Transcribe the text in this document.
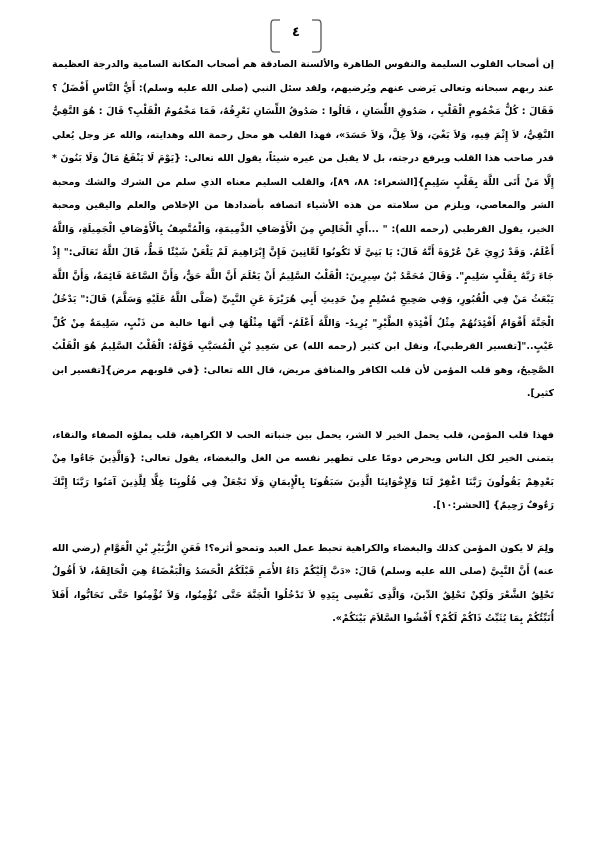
٤

إن أصحاب القلوب السليمة والنفوس الطاهرة والألسنة الصادقة هم أصحاب المكانة السامية والدرجة العظيمة عند ربهم سبحانه وتعالى يَرضى عنهم ويُرضيهم، ولقد سئل النبي (صلى الله عليه وسلم): أَيُّ النَّاسِ أَفْضَلُ ؟ فَقَالَ : كُلُّ مَخْمُومِ الْقَلْبِ ، صَدُوقِ اللِّسَانِ ، قَالُوا : صَدُوقُ اللِّسَانِ نَعْرِفُهُ، فَمَا مَخْمُومُ الْقَلْبِ؟ قَالَ : هُوَ التَّقِيُّ النَّقِيُّ، لاَ إِثْمَ فِيهِ، وَلاَ بَغْيَ، وَلاَ غِلَّ، وَلاَ حَسَدَ»، فهذا القلب هو محل رحمة الله وهدايته، والله عز وجل يُعلي قدر صاحب هذا القلب ويرفع درجته، بل لا يقبل من غيره شيئاً، يقول الله تعالى: {يَوْمَ لَا يَنْفَعُ مَالٌ وَلَا بَنُونَ * إِلَّا مَنْ أَتَى اللَّهَ بِقَلْبٍ سَلِيمٍ}[الشعراء: ٨٨، ٨٩]، والقلب السليم معناه الذي سلم من الشرك والشك ومحبة الشر والمعاصي، ويلزم من سلامته من هذه الأشياء اتصافه بأضدادها من الإخلاص والعلم واليقين ومحبة الخير، يقول القرطبي (رحمه الله): " ...أَيِ الْخَالِصِ مِنَ الْأَوْصَافِ الذَّمِيمَةِ، وَالْمُتَّصِفُ بِالْأَوْصَافِ الْجَمِيلَةِ، وَاللَّهُ أَعْلَمُ. وَقَدْ رُوِيَ عَنْ عُرْوَةَ أَنَّهُ قَالَ: يَا بَنِيَّ لَا تَكُونُوا لَعَّانِينَ فَإِنَّ إِبْرَاهِيمَ لَمْ يَلْعَنْ شَيْئًا قَطُّ، قَالَ اللَّهُ تَعَالَى:" إِذْ جَاءَ رَبَّهُ بِقَلْبٍ سَلِيمٍ". وَقَالَ مُحَمَّدُ بْنُ سِيرِينَ: الْقَلْبُ السَّلِيمُ أَنْ يَعْلَمَ أَنَّ اللَّهَ حَقٌّ، وَأَنَّ السَّاعَةَ قَائِمَةٌ، وَأَنَّ اللَّهَ يَبْعَثُ مَنْ فِي الْقُبُورِ، وَفِي صَحِيحِ مُسْلِمٍ مِنْ حَدِيثِ أَبِي هُرَيْرَةَ عَنِ النَّبِيِّ (صَلَّى اللَّهُ عَلَيْهِ وَسَلَّمَ) قَالَ:" يَدْخُلُ الْجَنَّةَ أَقْوَامٌ أَفْئِدَتُهُمْ مِثْلُ أَفْئِدَةِ الطَّيْرِ" يُرِيدُ- وَاللَّهُ أَعْلَمُ- أَنَّهَا مِثْلُهَا فِي أنها خالية من ذَنْبٍ، سَلِيمَةٌ مِنْ كُلِّ عَيْبٍ.."[تفسير القرطبي]، ونقل ابن كثير (رحمه الله) عن سَعِيدِ بْنِ الْمُسَيَّبِ قَوْلَهُ: الْقَلْبُ السَّلِيمُ هُوَ الْقَلْبُ الصَّحِيحُ، وهو قلب المؤمن لأن قلب الكافر والمنافق مريض، قال الله تعالى: {في قلوبهم مرض}[تفسير ابن كثير].

فهذا قلب المؤمن، قلب يحمل الخير لا الشر، يحمل بين جنباته الحب لا الكراهية، قلب يملؤه الصفاء والنقاء، يتمنى الخير لكل الناس ويحرص دومًا على تطهير نفسه من الغل والبغضاء، يقول تعالى: {وَالَّذِينَ جَاءُوا مِنْ بَعْدِهِمْ يَقُولُونَ رَبَّنَا اغْفِرْ لَنَا وَلِإِخْوَانِنَا الَّذِينَ سَبَقُونَا بِالْإِيمَانِ وَلَا تَجْعَلْ فِي قُلُوبِنَا غِلًّا لِلَّذِينَ آمَنُوا رَبَّنَا إِنَّكَ رَءُوفٌ رَحِيمٌ} [الحشر:١٠].

ولِمَ لا يكون المؤمن كذلك والبغضاء والكراهية تحبط عمل العبد وتمحو أثره؟! فَعَنِ الزُّبَيْرِ بْنِ الْعَوَّامِ (رضي الله عنه) أَنَّ النَّبِيَّ (صلى الله عليه وسلم) قَالَ: «دَبَّ إِلَيْكُمْ دَاءُ الأُمَمِ قَبْلَكُمُ الْحَسَدُ وَالْبَغْضَاءُ هِيَ الْحَالِقَةُ، لاَ أَقُولُ تَحْلِقُ الشَّعْرَ وَلَكِنْ تَحْلِقُ الدِّينَ، وَالَّذِى نَفْسِى بِيَدِهِ لاَ تَدْخُلُوا الْجَنَّةَ حَتَّى تُؤْمِنُوا، وَلاَ تُؤْمِنُوا حَتَّى تَحَابُّوا، أَفَلاَ أُنَبِّئُكُمْ بِمَا يُثَبِّتُ ذَاكُمْ لَكُمْ؟ أَفْشُوا السَّلاَمَ بَيْنَكُمْ».
